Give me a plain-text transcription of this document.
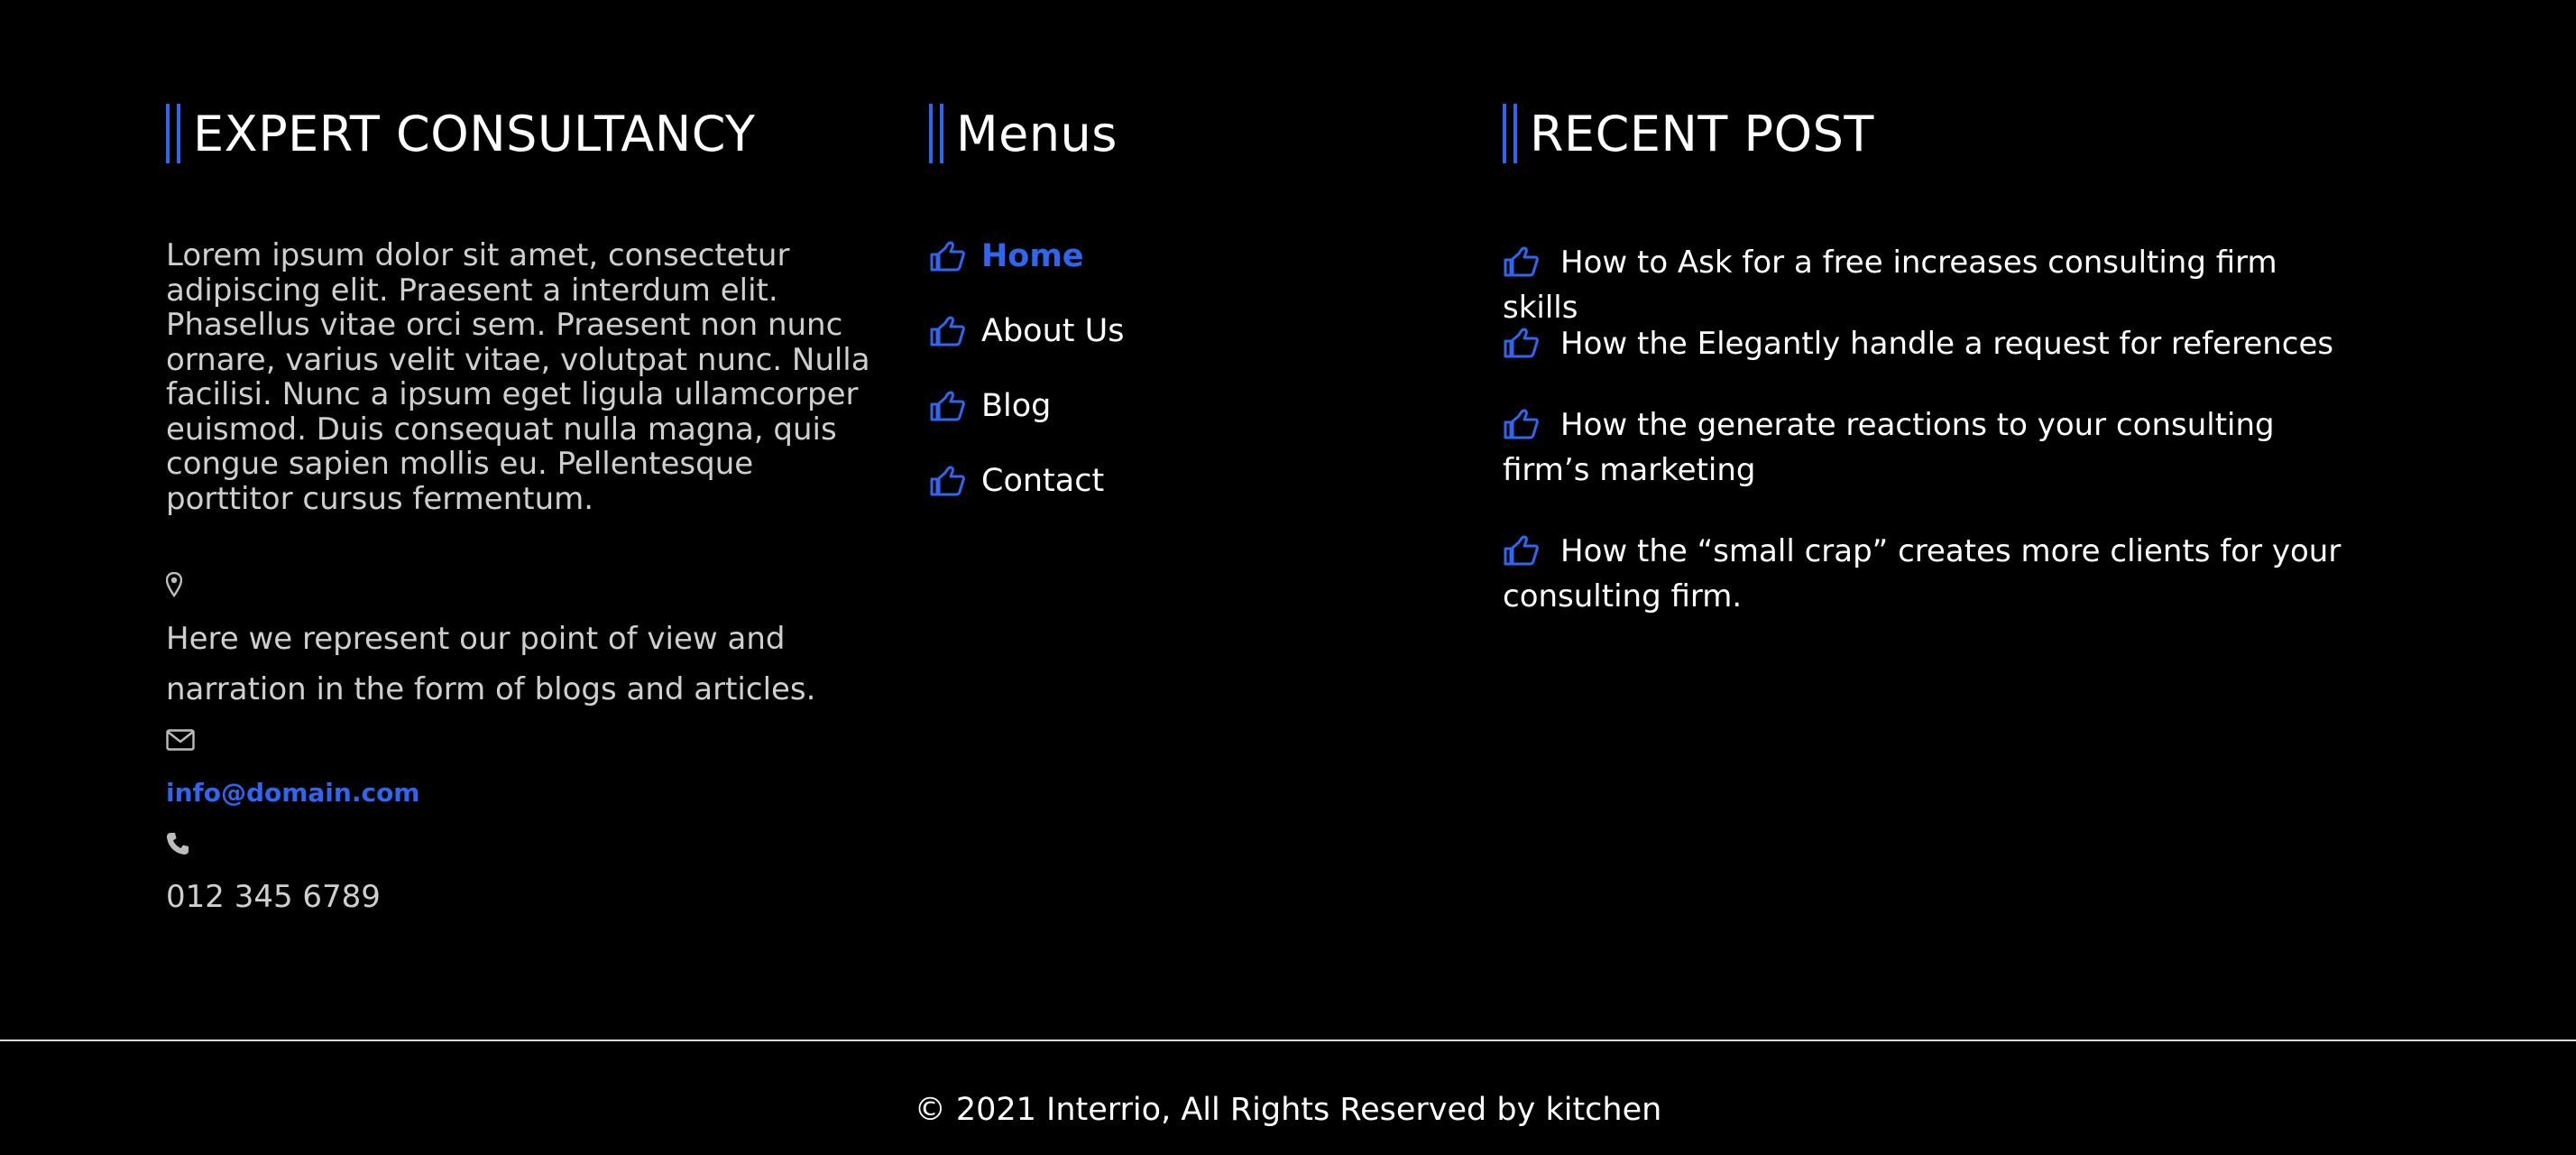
EXPERT CONSULTANCY

Lorem ipsum dolor sit amet, consectetur adipiscing elit. Praesent a interdum elit. Phasellus vitae orci sem. Praesent non nunc ornare, varius velit vitae, volutpat nunc. Nulla facilisi. Nunc a ipsum eget ligula ullamcorper euismod. Duis consequat nulla magna, quis congue sapien mollis eu. Pellentesque porttitor cursus fermentum.

Here we represent our point of view and narration in the form of blogs and articles.

info@domain.com
012 345 6789
Menus
Home
About Us
Blog
Contact
RECENT POST
How to Ask for a free increases consulting firm skills
How the Elegantly handle a request for references
How the generate reactions to your consulting firm’s marketing
How the “small crap” creates more clients for your consulting firm.
© 2021 Interrio, All Rights Reserved by kitchen
